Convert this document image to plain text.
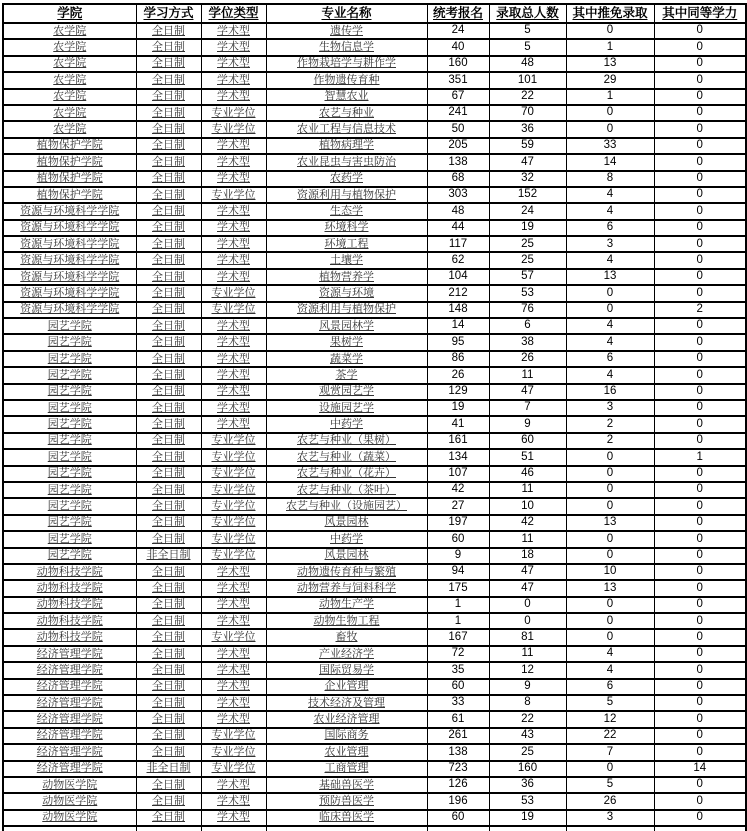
学院	学习方式	学位类型	专业名称	统考报名	录取总人数	其中推免录取	其中同等学力
农学院	全日制	学术型	遗传学	24	5	0	0
农学院	全日制	学术型	生物信息学	40	5	1	0
农学院	全日制	学术型	作物栽培学与耕作学	160	48	13	0
农学院	全日制	学术型	作物遗传育种	351	101	29	0
农学院	全日制	学术型	智慧农业	67	22	1	0
农学院	全日制	专业学位	农艺与种业	241	70	0	0
农学院	全日制	专业学位	农业工程与信息技术	50	36	0	0
植物保护学院	全日制	学术型	植物病理学	205	59	33	0
植物保护学院	全日制	学术型	农业昆虫与害虫防治	138	47	14	0
植物保护学院	全日制	学术型	农药学	68	32	8	0
植物保护学院	全日制	专业学位	资源利用与植物保护	303	152	4	0
资源与环境科学学院	全日制	学术型	生态学	48	24	4	0
资源与环境科学学院	全日制	学术型	环境科学	44	19	6	0
资源与环境科学学院	全日制	学术型	环境工程	117	25	3	0
资源与环境科学学院	全日制	学术型	土壤学	62	25	4	0
资源与环境科学学院	全日制	学术型	植物营养学	104	57	13	0
资源与环境科学学院	全日制	专业学位	资源与环境	212	53	0	0
资源与环境科学学院	全日制	专业学位	资源利用与植物保护	148	76	0	2
园艺学院	全日制	学术型	风景园林学	14	6	4	0
园艺学院	全日制	学术型	果树学	95	38	4	0
园艺学院	全日制	学术型	蔬菜学	86	26	6	0
园艺学院	全日制	学术型	茶学	26	11	4	0
园艺学院	全日制	学术型	观赏园艺学	129	47	16	0
园艺学院	全日制	学术型	设施园艺学	19	7	3	0
园艺学院	全日制	学术型	中药学	41	9	2	0
园艺学院	全日制	专业学位	农艺与种业（果树）	161	60	2	0
园艺学院	全日制	专业学位	农艺与种业（蔬菜）	134	51	0	1
园艺学院	全日制	专业学位	农艺与种业（花卉）	107	46	0	0
园艺学院	全日制	专业学位	农艺与种业（茶叶）	42	11	0	0
园艺学院	全日制	专业学位	农艺与种业（设施园艺）	27	10	0	0
园艺学院	全日制	专业学位	风景园林	197	42	13	0
园艺学院	全日制	专业学位	中药学	60	11	0	0
园艺学院	非全日制	专业学位	风景园林	9	18	0	0
动物科技学院	全日制	学术型	动物遗传育种与繁殖	94	47	10	0
动物科技学院	全日制	学术型	动物营养与饲料科学	175	47	13	0
动物科技学院	全日制	学术型	动物生产学	1	0	0	0
动物科技学院	全日制	学术型	动物生物工程	1	0	0	0
动物科技学院	全日制	专业学位	畜牧	167	81	0	0
经济管理学院	全日制	学术型	产业经济学	72	11	4	0
经济管理学院	全日制	学术型	国际贸易学	35	12	4	0
经济管理学院	全日制	学术型	企业管理	60	9	6	0
经济管理学院	全日制	学术型	技术经济及管理	33	8	5	0
经济管理学院	全日制	学术型	农业经济管理	61	22	12	0
经济管理学院	全日制	专业学位	国际商务	261	43	22	0
经济管理学院	全日制	专业学位	农业管理	138	25	7	0
经济管理学院	非全日制	专业学位	工商管理	723	160	0	14
动物医学院	全日制	学术型	基础兽医学	126	36	5	0
动物医学院	全日制	学术型	预防兽医学	196	53	26	0
动物医学院	全日制	学术型	临床兽医学	60	19	3	0
